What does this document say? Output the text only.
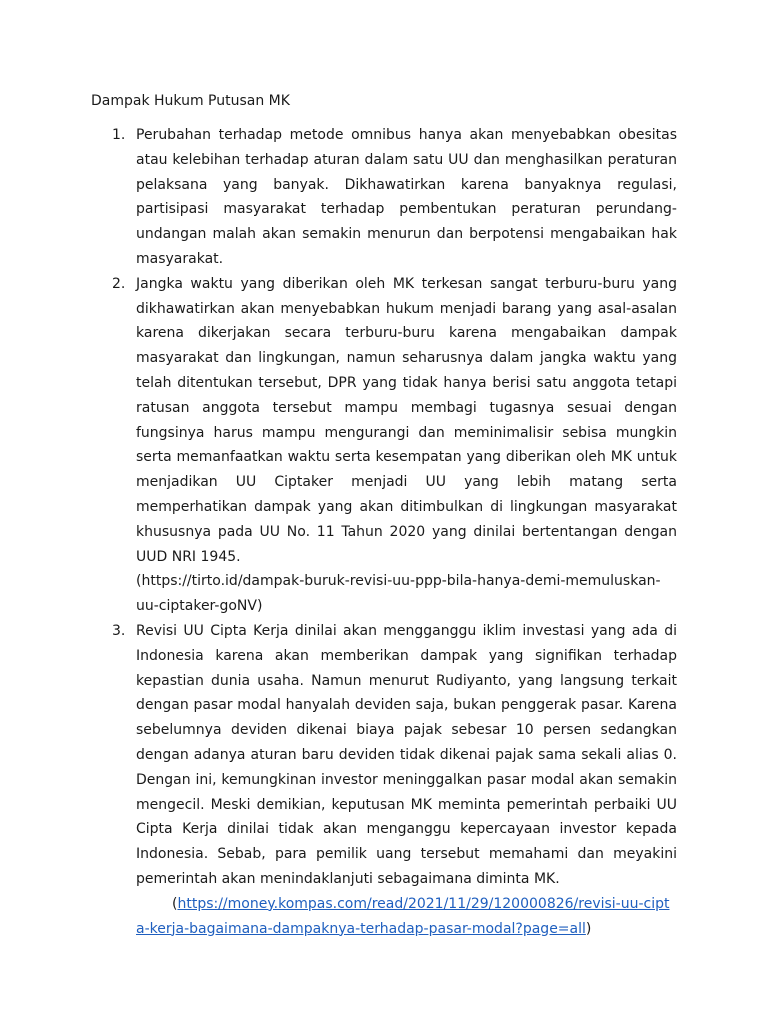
Dampak Hukum Putusan MK
1. Perubahan terhadap metode omnibus hanya akan menyebabkan obesitas atau kelebihan terhadap aturan dalam satu UU dan menghasilkan peraturan pelaksana yang banyak. Dikhawatirkan karena banyaknya regulasi, partisipasi masyarakat terhadap pembentukan peraturan perundang-undangan malah akan semakin menurun dan berpotensi mengabaikan hak masyarakat.
2. Jangka waktu yang diberikan oleh MK terkesan sangat terburu-buru yang dikhawatirkan akan menyebabkan hukum menjadi barang yang asal-asalan karena dikerjakan secara terburu-buru karena mengabaikan dampak masyarakat dan lingkungan, namun seharusnya dalam jangka waktu yang telah ditentukan tersebut, DPR yang tidak hanya berisi satu anggota tetapi ratusan anggota tersebut mampu membagi tugasnya sesuai dengan fungsinya harus mampu mengurangi dan meminimalisir sebisa mungkin serta memanfaatkan waktu serta kesempatan yang diberikan oleh MK untuk menjadikan UU Ciptaker menjadi UU yang lebih matang serta memperhatikan dampak yang akan ditimbulkan di lingkungan masyarakat khususnya pada UU No. 11 Tahun 2020 yang dinilai bertentangan dengan UUD NRI 1945.
(https://tirto.id/dampak-buruk-revisi-uu-ppp-bila-hanya-demi-memuluskan-uu-ciptaker-goNV)
3. Revisi UU Cipta Kerja dinilai akan mengganggu iklim investasi yang ada di Indonesia karena akan memberikan dampak yang signifikan terhadap kepastian dunia usaha. Namun menurut Rudiyanto, yang langsung terkait dengan pasar modal hanyalah deviden saja, bukan penggerak pasar. Karena sebelumnya deviden dikenai biaya pajak sebesar 10 persen sedangkan dengan adanya aturan baru deviden tidak dikenai pajak sama sekali alias 0. Dengan ini, kemungkinan investor meninggalkan pasar modal akan semakin mengecil. Meski demikian, keputusan MK meminta pemerintah perbaiki UU Cipta Kerja dinilai tidak akan menganggu kepercayaan investor kepada Indonesia. Sebab, para pemilik uang tersebut memahami dan meyakini pemerintah akan menindaklanjuti sebagaimana diminta MK.
(https://money.kompas.com/read/2021/11/29/120000826/revisi-uu-cipta-kerja-bagaimana-dampaknya-terhadap-pasar-modal?page=all)
